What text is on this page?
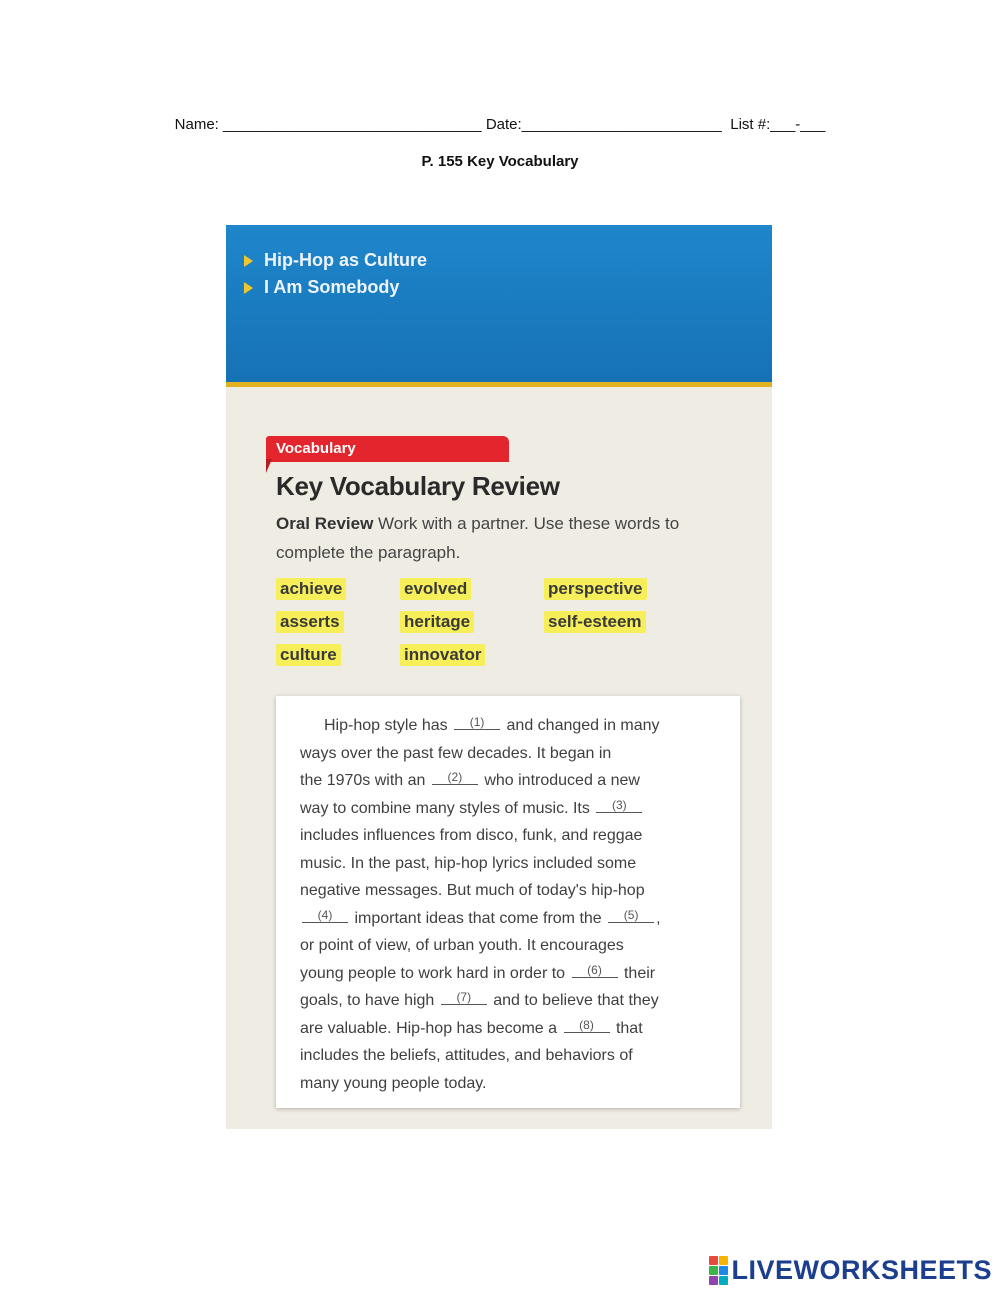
Name: _______________________________ Date:________________________ List #:___-___
P. 155 Key Vocabulary
Hip-Hop as Culture
I Am Somebody
Vocabulary
Key Vocabulary Review
Oral Review Work with a partner. Use these words to complete the paragraph.
achieve	evolved	perspective
asserts	heritage	self-esteem
culture	innovator
Hip-hop style has (1) and changed in many
ways over the past few decades. It began in
the 1970s with an (2) who introduced a new
way to combine many styles of music. Its (3)
includes influences from disco, funk, and reggae
music. In the past, hip-hop lyrics included some
negative messages. But much of today's hip-hop
(4) important ideas that come from the (5) ,
or point of view, of urban youth. It encourages
young people to work hard in order to (6) their
goals, to have high (7) and to believe that they
are valuable. Hip-hop has become a (8) that
includes the beliefs, attitudes, and behaviors of
many young people today.
LIVEWORKSHEETS
